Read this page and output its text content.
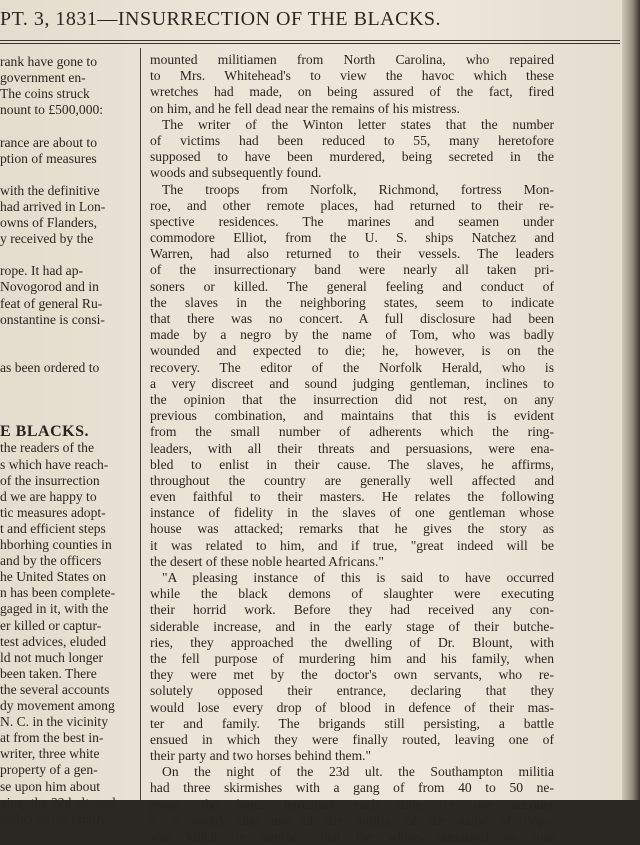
PT. 3, 1831—INSURRECTION OF THE BLACKS.
rank have gone to
government en-
The coins struck
nount to £500,000:
rance are about to
ption of measures
with the definitive
had arrived in Lon-
owns of Flanders,
y received by the
rope. It had ap-
Novogorod and in
feat of general Ru-
onstantine is consi-
as been ordered to
E BLACKS.
the readers of the
s which have reach-
of the insurrection
d we are happy to
tic measures adopt-
t and efficient steps
hborhing counties in
and by the officers
he United States on
n has been complete-
gaged in it, with the
er killed or captur-
test advices, eluded
ld not much longer
been taken. There
the several accounts
dy movement among
N. C. in the vicinity
at from the best in-
writer, three white
property of a gen-
se upon him about
ning, the 22d ult. and
ember of his family—
mounted militiamen from North Carolina, who repaired
to Mrs. Whitehead's to view the havoc which these
wretches had made, on being assured of the fact, fired
on him, and he fell dead near the remains of his mistress.
The writer of the Winton letter states that the number
of victims had been reduced to 55, many heretofore
supposed to have been murdered, being secreted in the
woods and subsequently found.
The troops from Norfolk, Richmond, fortress Mon-
roe, and other remote places, had returned to their re-
spective residences. The marines and seamen under
commodore Elliot, from the U. S. ships Natchez and
Warren, had also returned to their vessels. The leaders
of the insurrectionary band were nearly all taken pri-
soners or killed. The general feeling and conduct of
the slaves in the neighboring states, seem to indicate
that there was no concert. A full disclosure had been
made by a negro by the name of Tom, who was badly
wounded and expected to die; he, however, is on the
recovery. The editor of the Norfolk Herald, who is
a very discreet and sound judging gentleman, inclines to
the opinion that the insurrection did not rest, on any
previous combination, and maintains that this is evident
from the small number of adherents which the ring-
leaders, with all their threats and persuasions, were ena-
bled to enlist in their cause. The slaves, he affirms,
throughout the country are generally well affected and
even faithful to their masters. He relates the following
instance of fidelity in the slaves of one gentleman whose
house was attacked; remarks that he gives the story as
it was related to him, and if true, "great indeed will be
the desert of these noble hearted Africans."
"A pleasing instance of this is said to have occurred
while the black demons of slaughter were executing
their horrid work. Before they had received any con-
siderable increase, and in the early stage of their butche-
ries, they approached the dwelling of Dr. Blount, with
the fell purpose of murdering him and his family, when
they were met by the doctor's own servants, who re-
solutely opposed their entrance, declaring that they
would lose every drop of blood in defence of their mas-
ter and family. The brigands still persisting, a battle
ensued in which they were finally routed, leaving one of
their party and two horses behind them."
On the night of the 23d ult. the Southampton militia
had three skirmishes with a gang of from 40 to 50 ne-
groes, the latter retreating each time. In one account
it is stated, that one of the militia, of the name of Pope,
was killed, in another, that the whites sustained no loss
